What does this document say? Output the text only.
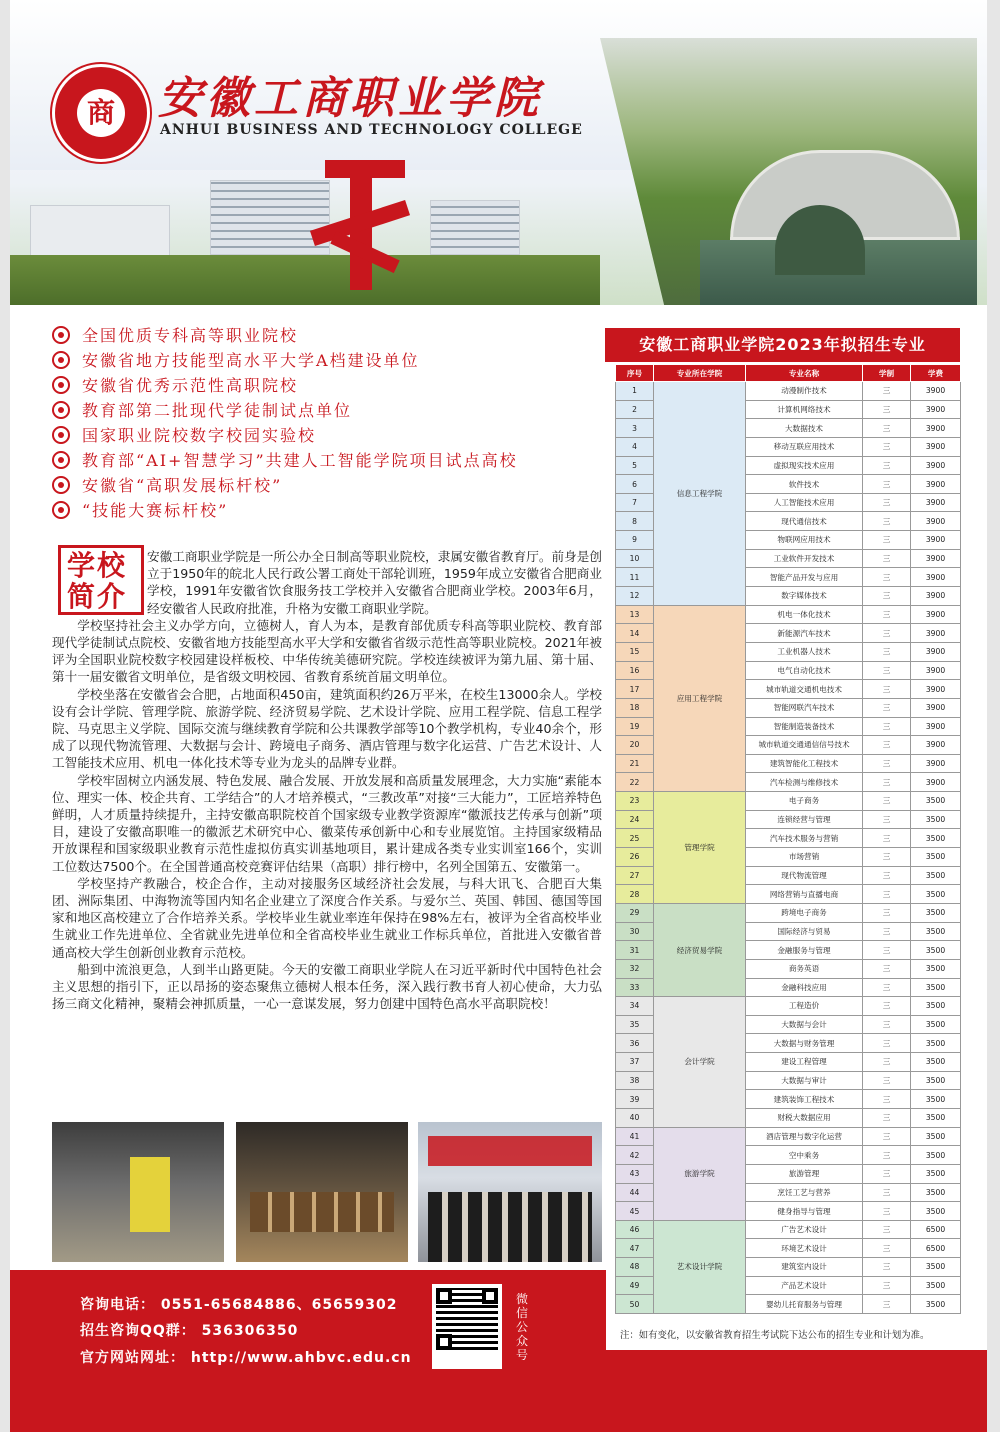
商 安徽工商职业学院
ANHUI BUSINESS AND TECHNOLOGY COLLEGE
全国优质专科高等职业院校
安徽省地方技能型高水平大学A档建设单位
安徽省优秀示范性高职院校
教育部第二批现代学徒制试点单位
国家职业院校数字校园实验校
教育部“AI+智慧学习”共建人工智能学院项目试点高校
安徽省“高职发展标杆校”
“技能大赛标杆校”

安徽工商职业学院是一所公办全日制高等职业院校，隶属安徽省教育厅。前身是创立于1950年的皖北人民行政公署工商处干部轮训班，1959年成立安徽省合肥商业学校，1991年安徽省饮食服务技工学校并入安徽省合肥商业学校。2003年6月，经安徽省人民政府批准，升格为安徽工商职业学院。

学校坚持社会主义办学方向，立德树人，育人为本，是教育部优质专科高等职业院校、教育部现代学徒制试点院校、安徽省地方技能型高水平大学和安徽省省级示范性高等职业院校。2021年被评为全国职业院校数字校园建设样板校、中华传统美德研究院。学校连续被评为第九届、第十届、第十一届安徽省文明单位，是省级文明校园、省教育系统首届文明单位。

学校坐落在安徽省会合肥，占地面积450亩，建筑面积约26万平米，在校生13000余人。学校设有会计学院、管理学院、旅游学院、经济贸易学院、艺术设计学院、应用工程学院、信息工程学院、马克思主义学院、国际交流与继续教育学院和公共课教学部等10个教学机构，专业40余个，形成了以现代物流管理、大数据与会计、跨境电子商务、酒店管理与数字化运营、广告艺术设计、人工智能技术应用、机电一体化技术等专业为龙头的品牌专业群。

学校牢固树立内涵发展、特色发展、融合发展、开放发展和高质量发展理念，大力实施“素能本位、理实一体、校企共育、工学结合”的人才培养模式，“三教改革”对接“三大能力”，工匠培养特色鲜明，人才质量持续提升，主持安徽高职院校首个国家级专业教学资源库“徽派技艺传承与创新”项目，建设了安徽高职唯一的徽派艺术研究中心、徽菜传承创新中心和专业展览馆。主持国家级精品开放课程和国家级职业教育示范性虚拟仿真实训基地项目，累计建成各类专业实训室166个，实训工位数达7500个。在全国普通高校竞赛评估结果（高职）排行榜中，名列全国第五、安徽第一。

学校坚持产教融合，校企合作，主动对接服务区域经济社会发展，与科大讯飞、合肥百大集团、洲际集团、中海物流等国内知名企业建立了深度合作关系。与爱尔兰、英国、韩国、德国等国家和地区高校建立了合作培养关系。学校毕业生就业率连年保持在98%左右，被评为全省高校毕业生就业工作先进单位、全省就业先进单位和全省高校毕业生就业工作标兵单位，首批进入安徽省普通高校大学生创新创业教育示范校。

船到中流浪更急，人到半山路更陡。今天的安徽工商职业学院人在习近平新时代中国特色社会主义思想的指引下，正以昂扬的姿态聚焦立德树人根本任务，深入践行教书育人初心使命，大力弘扬三商文化精神，聚精会神抓质量，一心一意谋发展，努力创建中国特色高水平高职院校！

学校简介
安徽工商职业学院2023年拟招生专业
序号	专业所在学院	专业名称	学制	学费
1	信息工程学院	动漫制作技术	三	3900
2		计算机网络技术	三	3900
3		大数据技术	三	3900
4		移动互联应用技术	三	3900
5		虚拟现实技术应用	三	3900
6		软件技术	三	3900
7		人工智能技术应用	三	3900
8		现代通信技术	三	3900
9		物联网应用技术	三	3900
10		工业软件开发技术	三	3900
11		智能产品开发与应用	三	3900
12		数字媒体技术	三	3900
13	应用工程学院	机电一体化技术	三	3900
14		新能源汽车技术	三	3900
15		工业机器人技术	三	3900
16		电气自动化技术	三	3900
17		城市轨道交通机电技术	三	3900
18		智能网联汽车技术	三	3900
19		智能制造装备技术	三	3900
20		城市轨道交通通信信号技术	三	3900
21		建筑智能化工程技术	三	3900
22		汽车检测与维修技术	三	3900
23	管理学院	电子商务	三	3500
24		连锁经营与管理	三	3500
25		汽车技术服务与营销	三	3500
26		市场营销	三	3500
27		现代物流管理	三	3500
28		网络营销与直播电商	三	3500
29	经济贸易学院	跨境电子商务	三	3500
30		国际经济与贸易	三	3500
31		金融服务与管理	三	3500
32		商务英语	三	3500
33		金融科技应用	三	3500
34	会计学院	工程造价	三	3500
35		大数据与会计	三	3500
36		大数据与财务管理	三	3500
37		建设工程管理	三	3500
38		大数据与审计	三	3500
39		建筑装饰工程技术	三	3500
40		财税大数据应用	三	3500
41	旅游学院	酒店管理与数字化运营	三	3500
42		空中乘务	三	3500
43		旅游管理	三	3500
44		烹饪工艺与营养	三	3500
45		健身指导与管理	三	3500
46	艺术设计学院	广告艺术设计	三	6500
47		环境艺术设计	三	6500
48		建筑室内设计	三	3500
49		产品艺术设计	三	3500
50		婴幼儿托育服务与管理	三	3500
注：如有变化，以安徽省教育招生考试院下达公布的招生专业和计划为准。
咨询电话： 0551-65684886、65659302
招生咨询QQ群： 536306350
官方网站网址： http://www.ahbvc.edu.cn
微信公众号
